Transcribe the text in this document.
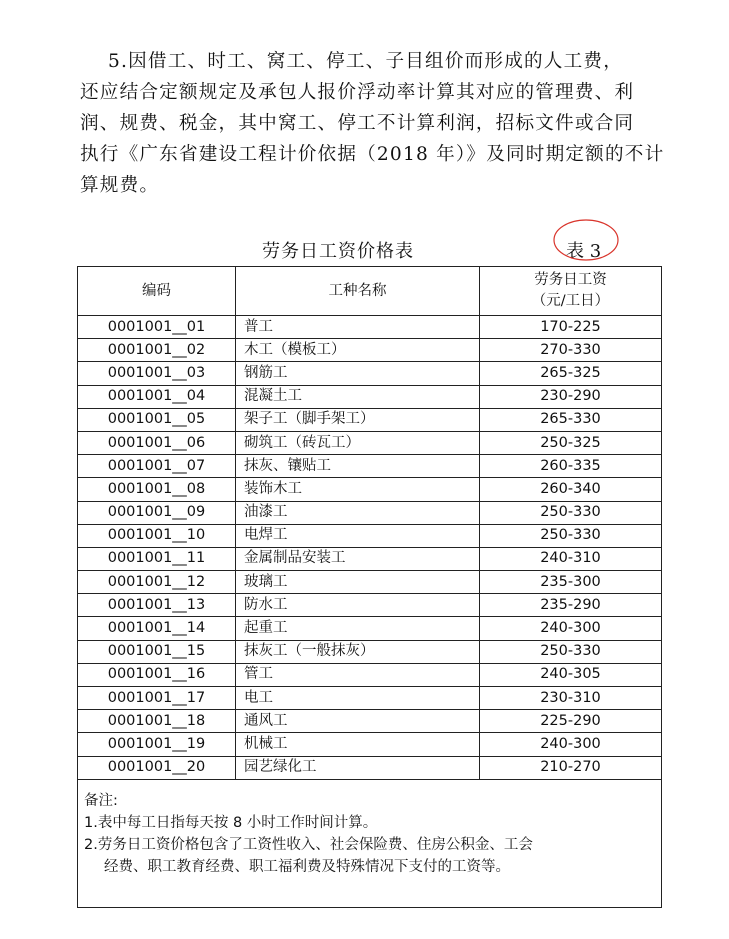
5.因借工、时工、窝工、停工、子目组价而形成的人工费，
还应结合定额规定及承包人报价浮动率计算其对应的管理费、利
润、规费、税金，其中窝工、停工不计算利润，招标文件或合同
执行《广东省建设工程计价依据（2018 年）》及同时期定额的不计
算规费。
劳务日工资价格表	表 3
编码	工种名称	劳务日工资
（元/工日）

0001001__01	普工	170-225
0001001__02	木工（模板工）	270-330
0001001__03	钢筋工	265-325
0001001__04	混凝土工	230-290
0001001__05	架子工（脚手架工）	265-330
0001001__06	砌筑工（砖瓦工）	250-325
0001001__07	抹灰、镶贴工	260-335
0001001__08	装饰木工	260-340
0001001__09	油漆工	250-330
0001001__10	电焊工	250-330
0001001__11	金属制品安装工	240-310
0001001__12	玻璃工	235-300
0001001__13	防水工	235-290
0001001__14	起重工	240-300
0001001__15	抹灰工（一般抹灰）	250-330
0001001__16	管工	240-305
0001001__17	电工	230-310
0001001__18	通风工	225-290
0001001__19	机械工	240-300
0001001__20	园艺绿化工	210-270

备注:
1.表中每工日指每天按 8 小时工作时间计算。
2.劳务日工资价格包含了工资性收入、社会保险费、住房公积金、工会
经费、职工教育经费、职工福利费及特殊情况下支付的工资等。		
